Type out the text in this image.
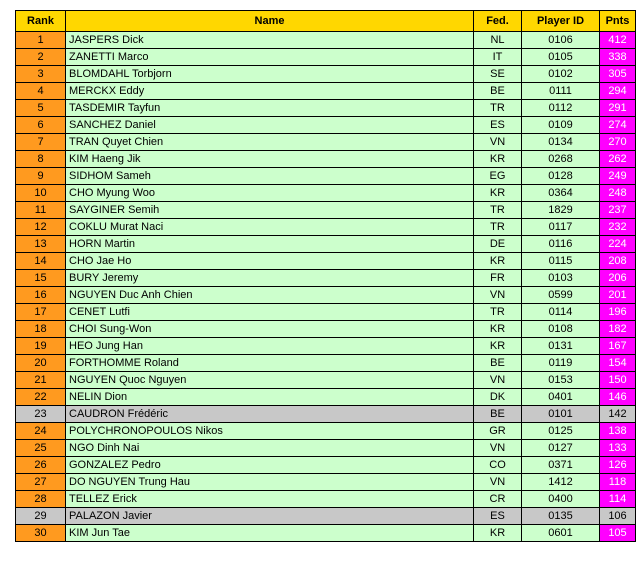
Rank	Name	Fed.	Player ID	Pnts
1	JASPERS Dick	NL	0106	412
2	ZANETTI Marco	IT	0105	338
3	BLOMDAHL Torbjorn	SE	0102	305
4	MERCKX Eddy	BE	0111	294
5	TASDEMIR Tayfun	TR	0112	291
6	SANCHEZ Daniel	ES	0109	274
7	TRAN Quyet Chien	VN	0134	270
8	KIM Haeng Jik	KR	0268	262
9	SIDHOM Sameh	EG	0128	249
10	CHO Myung Woo	KR	0364	248
11	SAYGINER Semih	TR	1829	237
12	COKLU Murat Naci	TR	0117	232
13	HORN Martin	DE	0116	224
14	CHO Jae Ho	KR	0115	208
15	BURY Jeremy	FR	0103	206
16	NGUYEN Duc Anh Chien	VN	0599	201
17	CENET Lutfi	TR	0114	196
18	CHOI Sung-Won	KR	0108	182
19	HEO Jung Han	KR	0131	167
20	FORTHOMME Roland	BE	0119	154
21	NGUYEN Quoc Nguyen	VN	0153	150
22	NELIN Dion	DK	0401	146
23	CAUDRON Frédéric	BE	0101	142
24	POLYCHRONOPOULOS Nikos	GR	0125	138
25	NGO Dinh Nai	VN	0127	133
26	GONZALEZ Pedro	CO	0371	126
27	DO NGUYEN Trung Hau	VN	1412	118
28	TELLEZ Erick	CR	0400	114
29	PALAZON Javier	ES	0135	106
30	KIM Jun Tae	KR	0601	105
